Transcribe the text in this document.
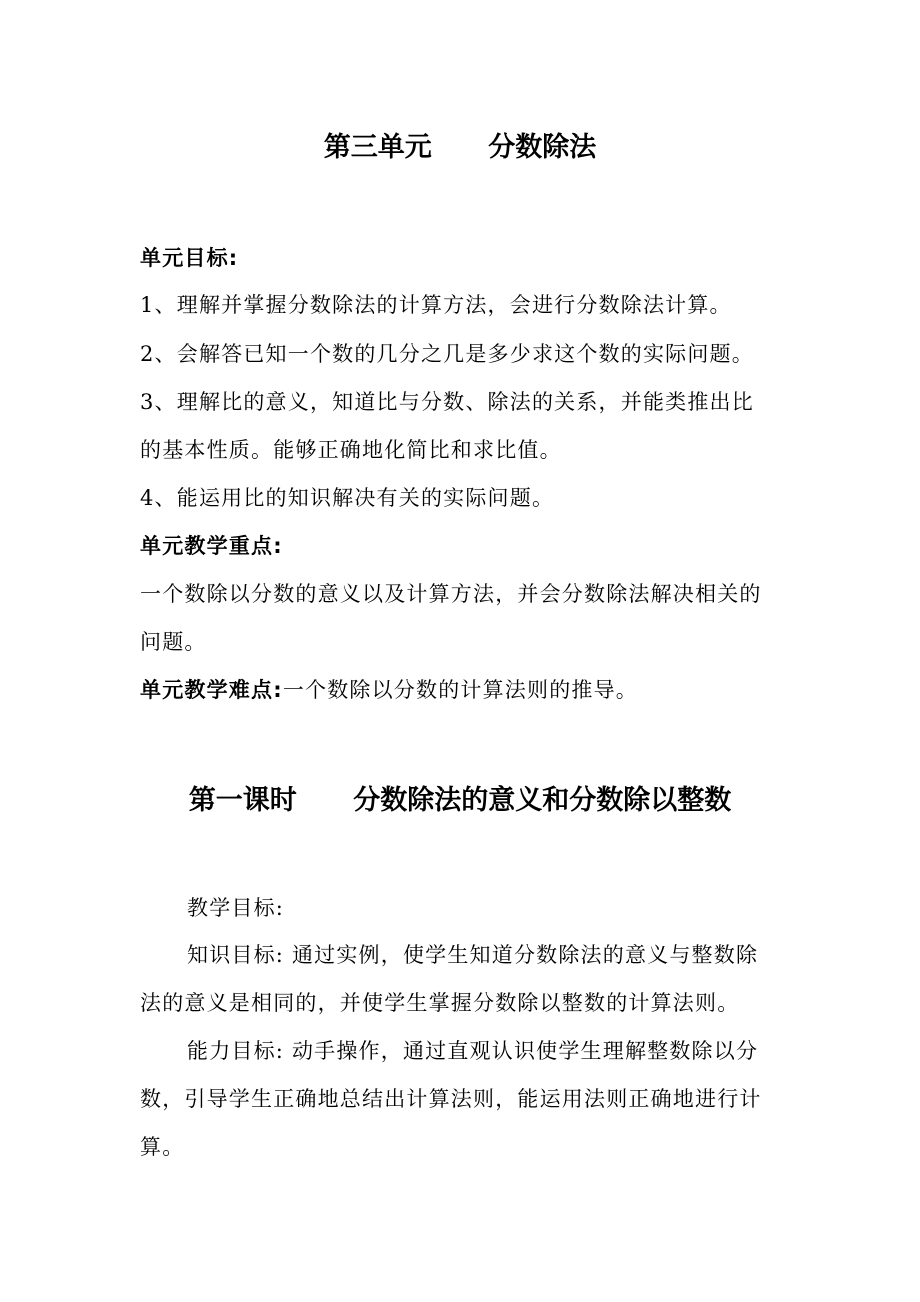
第三单元      分数除法
单元目标:
1、理解并掌握分数除法的计算方法，会进行分数除法计算。
2、会解答已知一个数的几分之几是多少求这个数的实际问题。
3、理解比的意义，知道比与分数、除法的关系，并能类推出比
的基本性质。能够正确地化简比和求比值。
4、能运用比的知识解决有关的实际问题。
单元教学重点:
一个数除以分数的意义以及计算方法，并会分数除法解决相关的
问题。
单元教学难点:一个数除以分数的计算法则的推导。
第一课时      分数除法的意义和分数除以整数
教学目标:
知识目标: 通过实例，使学生知道分数除法的意义与整数除
法的意义是相同的，并使学生掌握分数除以整数的计算法则。
能力目标: 动手操作，通过直观认识使学生理解整数除以分
数，引导学生正确地总结出计算法则，能运用法则正确地进行计
算。
